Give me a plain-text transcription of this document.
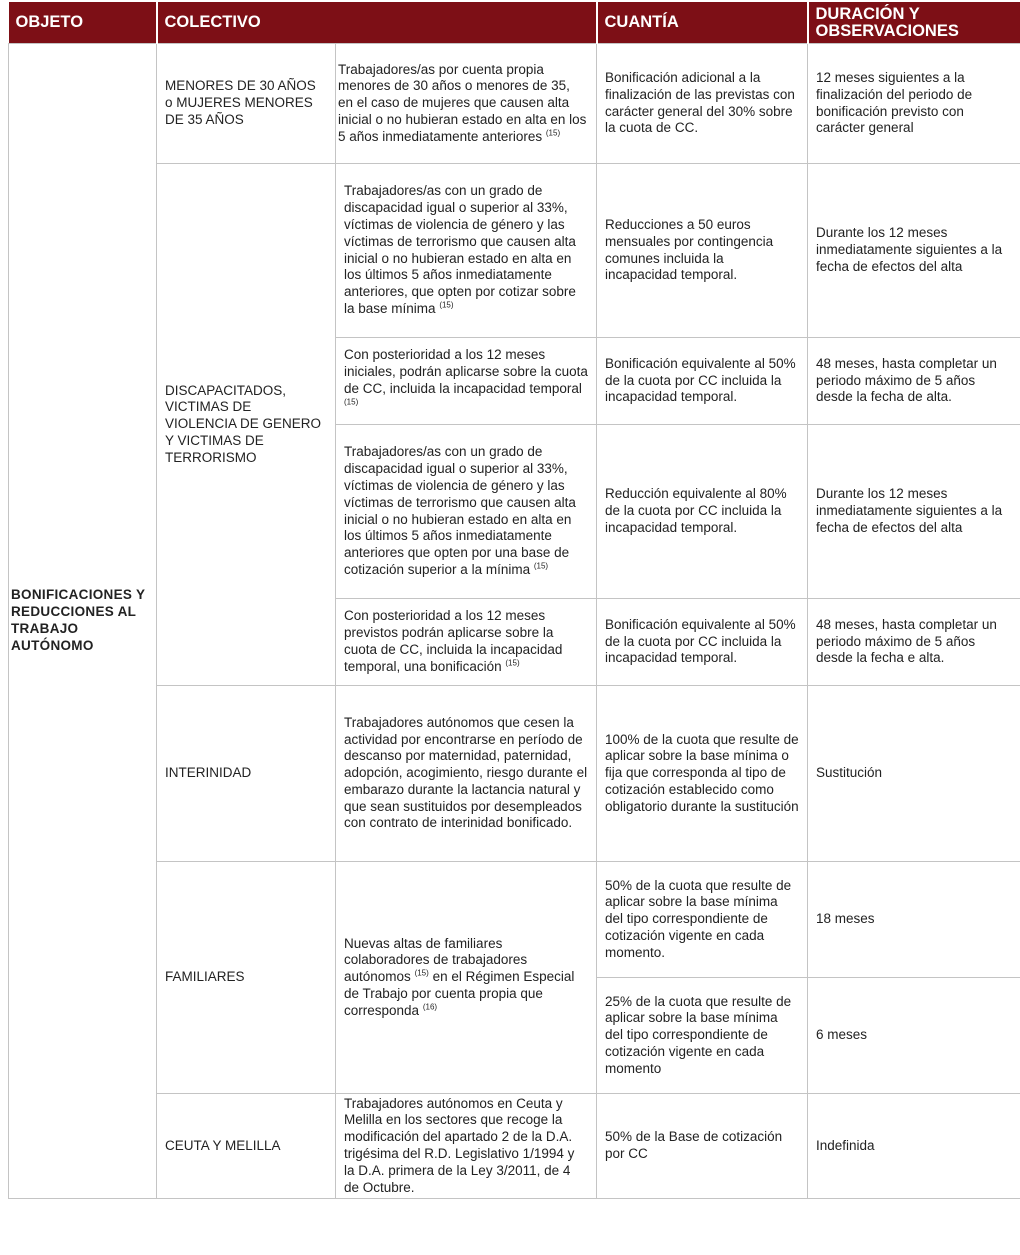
OBJETO	COLECTIVO		CUANTÍA	DURACIÓN Y OBSERVACIONES
BONIFICACIONES Y REDUCCIONES AL TRABAJO AUTÓNOMO	MENORES DE 30 AÑOS o MUJERES MENORES DE 35 AÑOS	Trabajadores/as por cuenta propia menores de 30 años o menores de 35, en el caso de mujeres que causen alta inicial o no hubieran estado en alta en los 5 años inmediatamente anteriores $^{(15)}$	Bonificación adicional a la finalización de las previstas con carácter general del 30% sobre la cuota de CC.	12 meses siguientes a la finalización del periodo de bonificación previsto con carácter general
	DISCAPACITADOS, VICTIMAS DE VIOLENCIA DE GENERO Y VICTIMAS DE TERRORISMO	Trabajadores/as con un grado de discapacidad igual o superior al 33%, víctimas de violencia de género y las víctimas de terrorismo que causen alta inicial o no hubieran estado en alta en los últimos 5 años inmediatamente anteriores, que opten por cotizar sobre la base mínima $^{(15)}$	Reducciones a 50 euros mensuales por contingencia comunes incluida la incapacidad temporal.	Durante los 12 meses inmediatamente siguientes a la fecha de efectos del alta
		Con posterioridad a los 12 meses iniciales, podrán aplicarse sobre la cuota de CC, incluida la incapacidad temporal $^{(15)}$	Bonificación equivalente al 50% de la cuota por CC incluida la incapacidad temporal.	48 meses, hasta completar un periodo máximo de 5 años desde la fecha de alta.
		Trabajadores/as con un grado de discapacidad igual o superior al 33%, víctimas de violencia de género y las víctimas de terrorismo que causen alta inicial o no hubieran estado en alta en los últimos 5 años inmediatamente anteriores que opten por una base de cotización superior a la mínima $^{(15)}$	Reducción equivalente al 80% de la cuota por CC incluida la incapacidad temporal.	Durante los 12 meses inmediatamente siguientes a la fecha de efectos del alta
		Con posterioridad a los 12 meses previstos podrán aplicarse sobre la cuota de CC, incluida la incapacidad temporal, una bonificación $^{(15)}$	Bonificación equivalente al 50% de la cuota por CC incluida la incapacidad temporal.	48 meses, hasta completar un periodo máximo de 5 años desde la fecha e alta.
	INTERINIDAD	Trabajadores autónomos que cesen la actividad por encontrarse en período de descanso por maternidad, paternidad, adopción, acogimiento, riesgo durante el embarazo durante la lactancia natural y que sean sustituidos por desempleados con contrato de interinidad bonificado.	100% de la cuota que resulte de aplicar sobre la base mínima o fija que corresponda al tipo de cotización establecido como obligatorio durante la sustitución	Sustitución
	FAMILIARES	Nuevas altas de familiares colaboradores de trabajadores autónomos $^{(15)}$ en el Régimen Especial de Trabajo por cuenta propia que corresponda $^{(16)}$	50% de la cuota que resulte de aplicar sobre la base mínima del tipo correspondiente de cotización vigente en cada momento.	18 meses
			25% de la cuota que resulte de aplicar sobre la base mínima del tipo correspondiente de cotización vigente en cada momento	6 meses
	CEUTA Y MELILLA	Trabajadores autónomos en Ceuta y Melilla en los sectores que recoge la modificación del apartado 2 de la D.A. trigésima del R.D. Legislativo 1/1994 y la D.A. primera de la Ley 3/2011, de 4 de Octubre.	50% de la Base de cotización por CC	Indefinida
